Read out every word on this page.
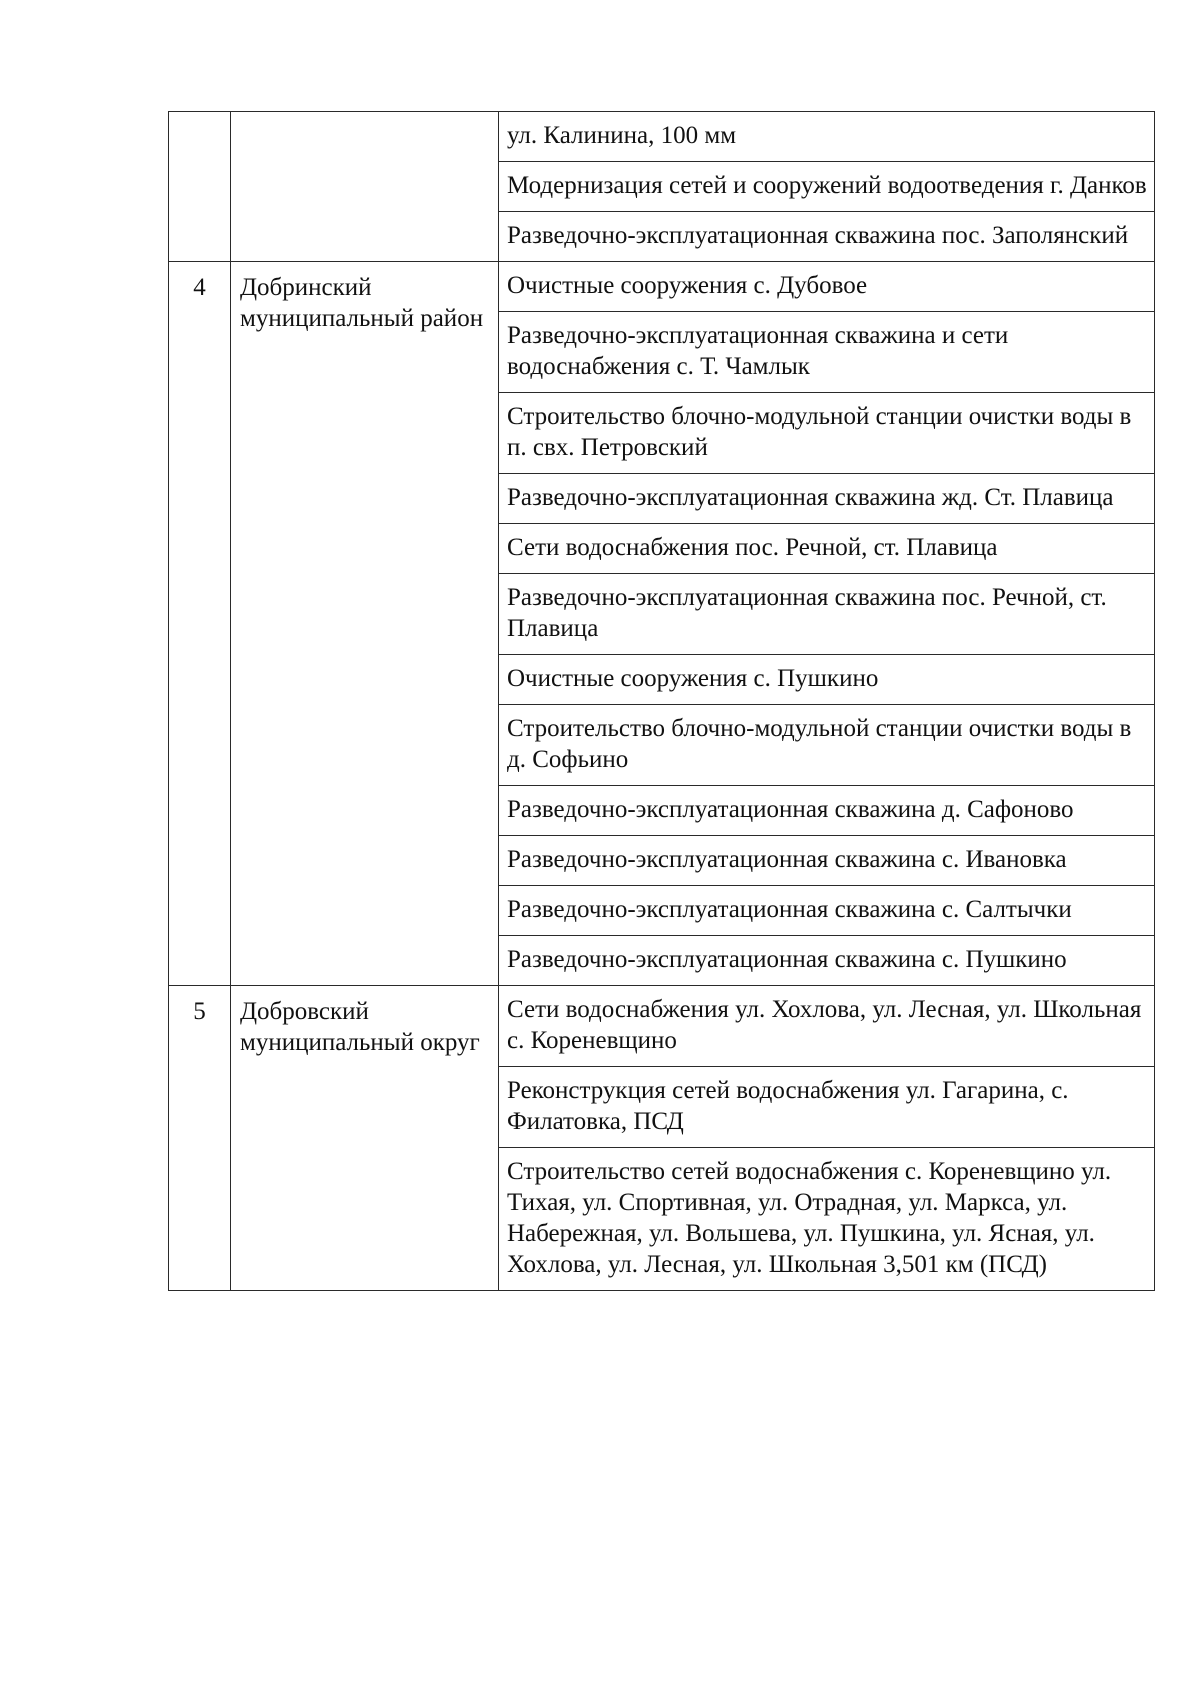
		ул. Калинина, 100 мм
		Модернизация сетей и сооружений водоотведения г. Данков
		Разведочно-эксплуатационная скважина пос. Заполянский
4	Добринский муниципальный район	Очистные сооружения с. Дубовое
		Разведочно-эксплуатационная скважина и сети водоснабжения с. Т. Чамлык
		Строительство блочно-модульной станции очистки воды в п. свх. Петровский
		Разведочно-эксплуатационная скважина жд. Ст. Плавица
		Сети водоснабжения пос. Речной, ст. Плавица
		Разведочно-эксплуатационная скважина пос. Речной, ст. Плавица
		Очистные сооружения с. Пушкино
		Строительство блочно-модульной станции очистки воды в д. Софьино
		Разведочно-эксплуатационная скважина д. Сафоново
		Разведочно-эксплуатационная скважина с. Ивановка
		Разведочно-эксплуатационная скважина с. Салтычки
		Разведочно-эксплуатационная скважина с. Пушкино
5	Добровский муниципальный округ	Сети водоснабжения ул. Хохлова, ул. Лесная, ул. Школьная с. Кореневщино
		Реконструкция сетей водоснабжения ул. Гагарина, с. Филатовка, ПСД
		Строительство сетей водоснабжения с. Кореневщино ул. Тихая, ул. Спортивная, ул. Отрадная, ул. Маркса, ул. Набережная, ул. Вольшева, ул. Пушкина, ул. Ясная, ул. Хохлова, ул. Лесная, ул. Школьная 3,501 км (ПСД)
